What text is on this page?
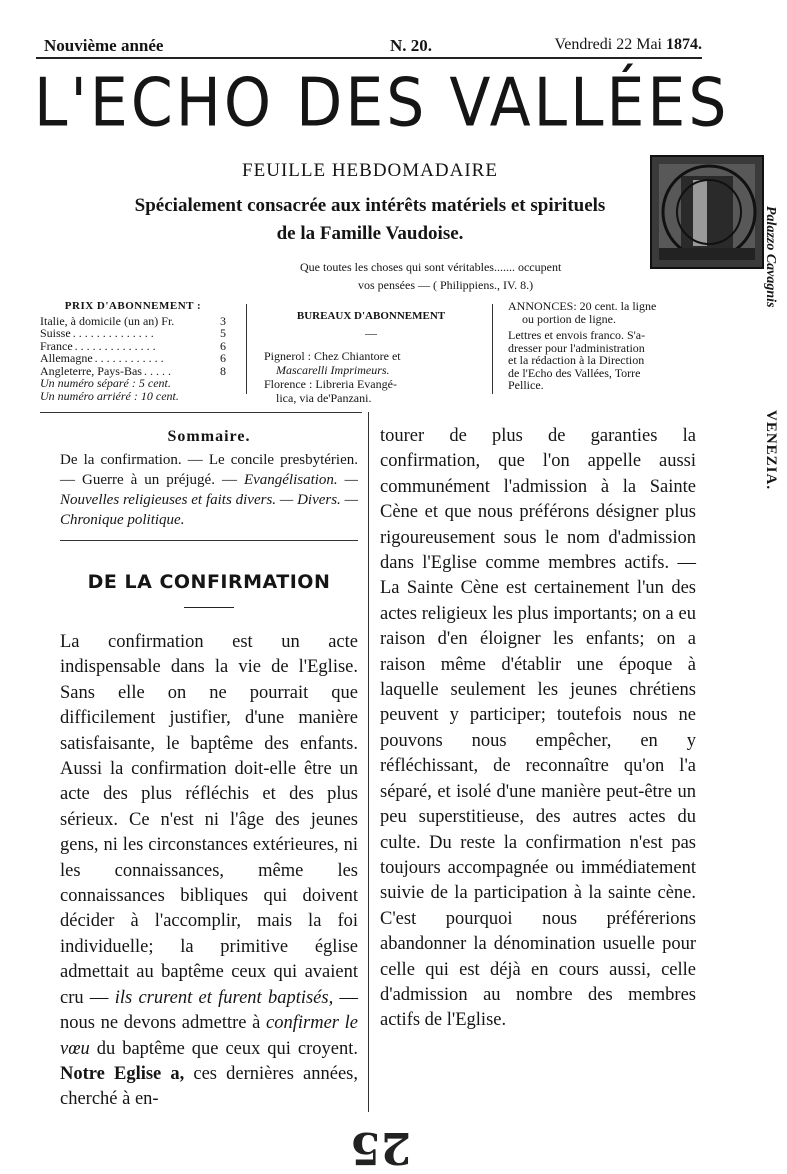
Nouvième année	N. 20.	Vendredi 22 Mai 1874.
L'ECHO DES VALLÉES
FEUILLE HEBDOMADAIRE
Spécialement consacrée aux intérêts matériels et spirituels
de la Famille Vaudoise.
Que toutes les choses qui sont véritables....... occupent
vos pensées — ( Philippiens., IV. 8.)	Palazzo Cavagnis
VENEZIA.
PRIX D'ABONNEMENT :
Italie, à domicile (un an) Fr.	3
Suisse . . . . . . . . . . . . . .	5
France . . . . . . . . . . . . . .	6
Allemagne . . . . . . . . . . . .	6
Angleterre, Pays-Bas . . . . .	8
Un numéro séparé : 5 cent.
Un numéro arriéré : 10 cent.
BUREAUX D'ABONNEMENT
—
Pignerol : Chez Chiantore et
Mascarelli Imprimeurs.
Florence : Libreria Evangé-
lica, via de'Panzani.

ANNONCES: 20 cent. la ligne
ou portion de ligne.

Lettres et envois franco. S'a-
dresser pour l'administration
et la rédaction à la Direction
de l'Echo des Vallées, Torre
Pellice.

Sommaire.
De la confirmation. — Le concile presbytérien. — Guerre à un préjugé. — Evangélisation. — Nouvelles religieuses et faits divers. — Divers. — Chronique politique.
DE LA CONFIRMATION

La confirmation est un acte indispensable dans la vie de l'Eglise. Sans elle on ne pourrait que difficilement justifier, d'une manière satisfaisante, le baptême des enfants. Aussi la confirmation doit-elle être un acte des plus réfléchis et des plus sérieux. Ce n'est ni l'âge des jeunes gens, ni les circonstances extérieures, ni les connaissances, même les connaissances bibliques qui doivent décider à l'accomplir, mais la foi individuelle; la primitive église admettait au baptême ceux qui avaient cru — ils crurent et furent baptisés, — nous ne devons admettre à confirmer le vœu du baptême que ceux qui croyent. Notre Eglise a, ces dernières années, cherché à en-

tourer de plus de garanties la confirmation, que l'on appelle aussi communément l'admission à la Sainte Cène et que nous préférons désigner plus rigoureusement sous le nom d'admission dans l'Eglise comme membres actifs. — La Sainte Cène est certainement l'un des actes religieux les plus importants; on a eu raison d'en éloigner les enfants; on a raison même d'établir une époque à laquelle seulement les jeunes chrétiens peuvent y participer; toutefois nous ne pouvons nous empêcher, en y réfléchissant, de reconnaître qu'on l'a séparé, et isolé d'une manière peut-être un peu superstitieuse, des autres actes du culte. Du reste la confirmation n'est pas toujours accompagnée ou immédiatement suivie de la participation à la sainte cène. C'est pourquoi nous préférerions abandonner la dénomination usuelle pour celle qui est déjà en cours aussi, celle d'admission au nombre des membres actifs de l'Eglise.

25
